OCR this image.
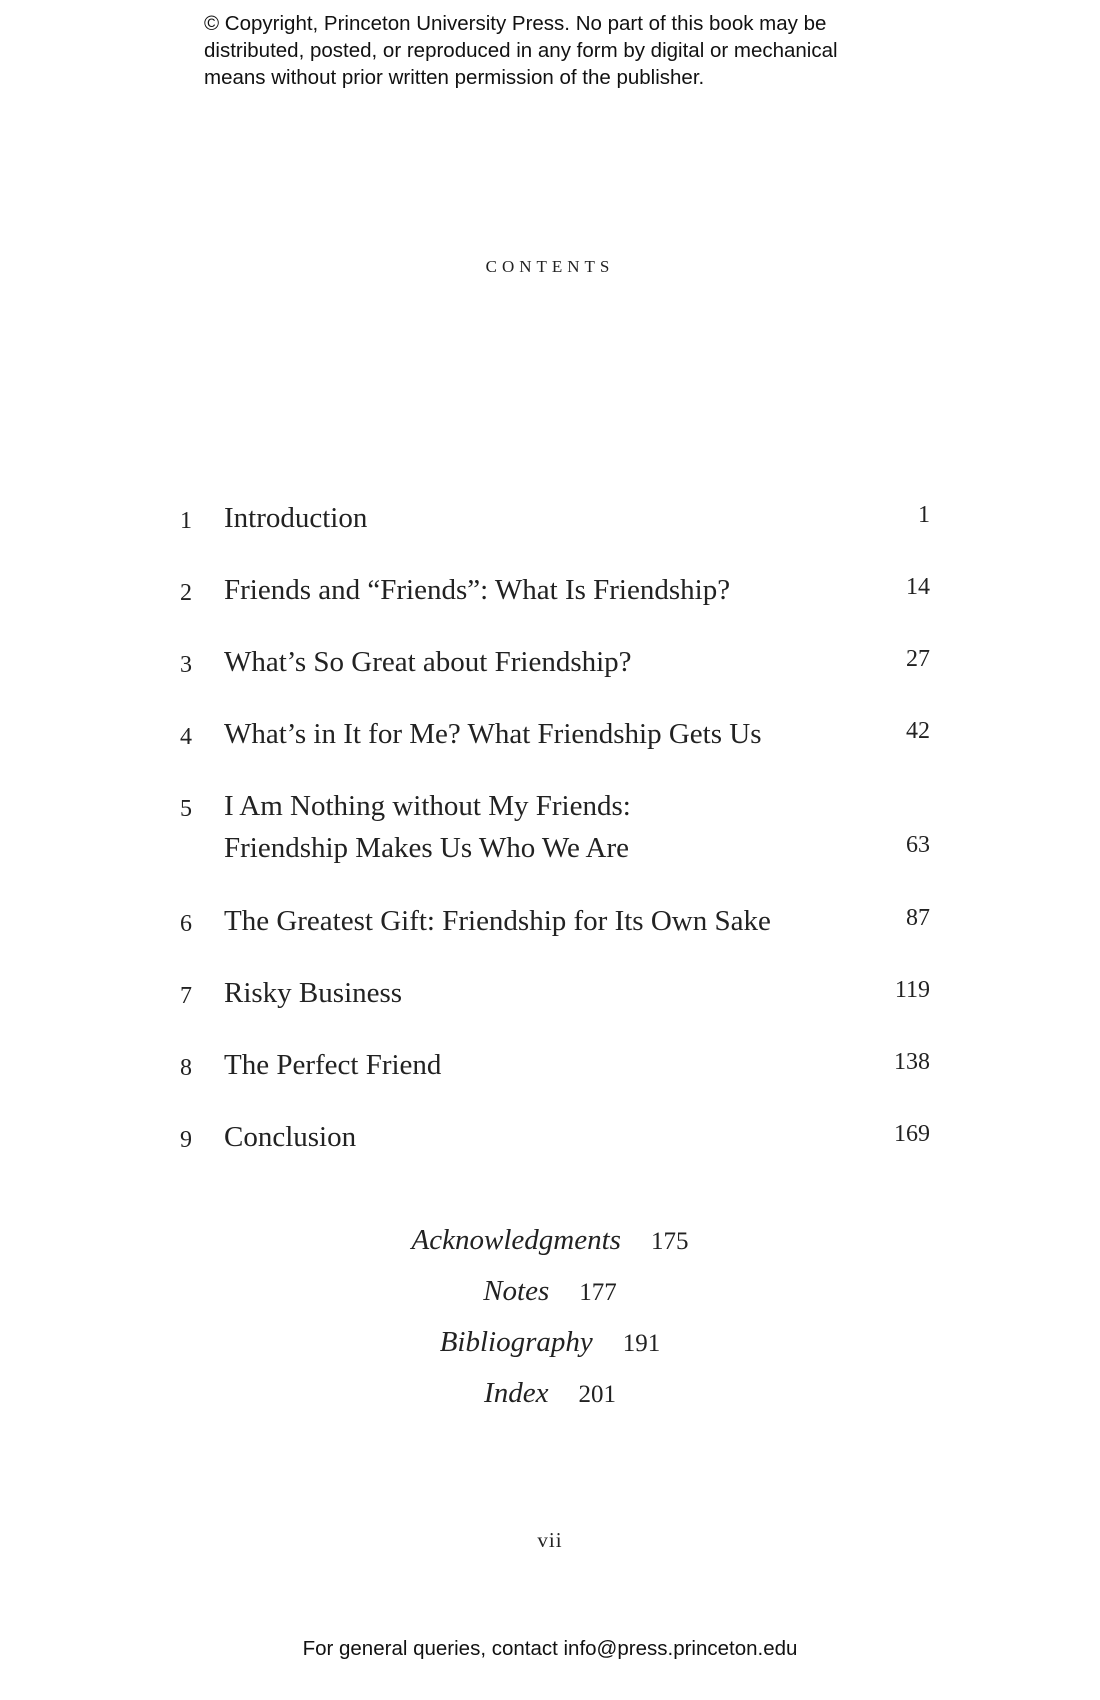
© Copyright, Princeton University Press. No part of this book may be
distributed, posted, or reproduced in any form by digital or mechanical
means without prior written permission of the publisher.
contents
1	Introduction	1
2	Friends and “Friends”: What Is Friendship?	14
3	What’s So Great about Friendship?	27
4	What’s in It for Me? What Friendship Gets Us	42
5	I Am Nothing without My Friends:
Friendship Makes Us Who We Are	63
6	The Greatest Gift: Friendship for Its Own Sake	87
7	Risky Business	119
8	The Perfect Friend	138
9	Conclusion	169
Acknowledgments 175
Notes 177
Bibliography 191
Index 201
vii
For general queries, contact info@press.princeton.edu
